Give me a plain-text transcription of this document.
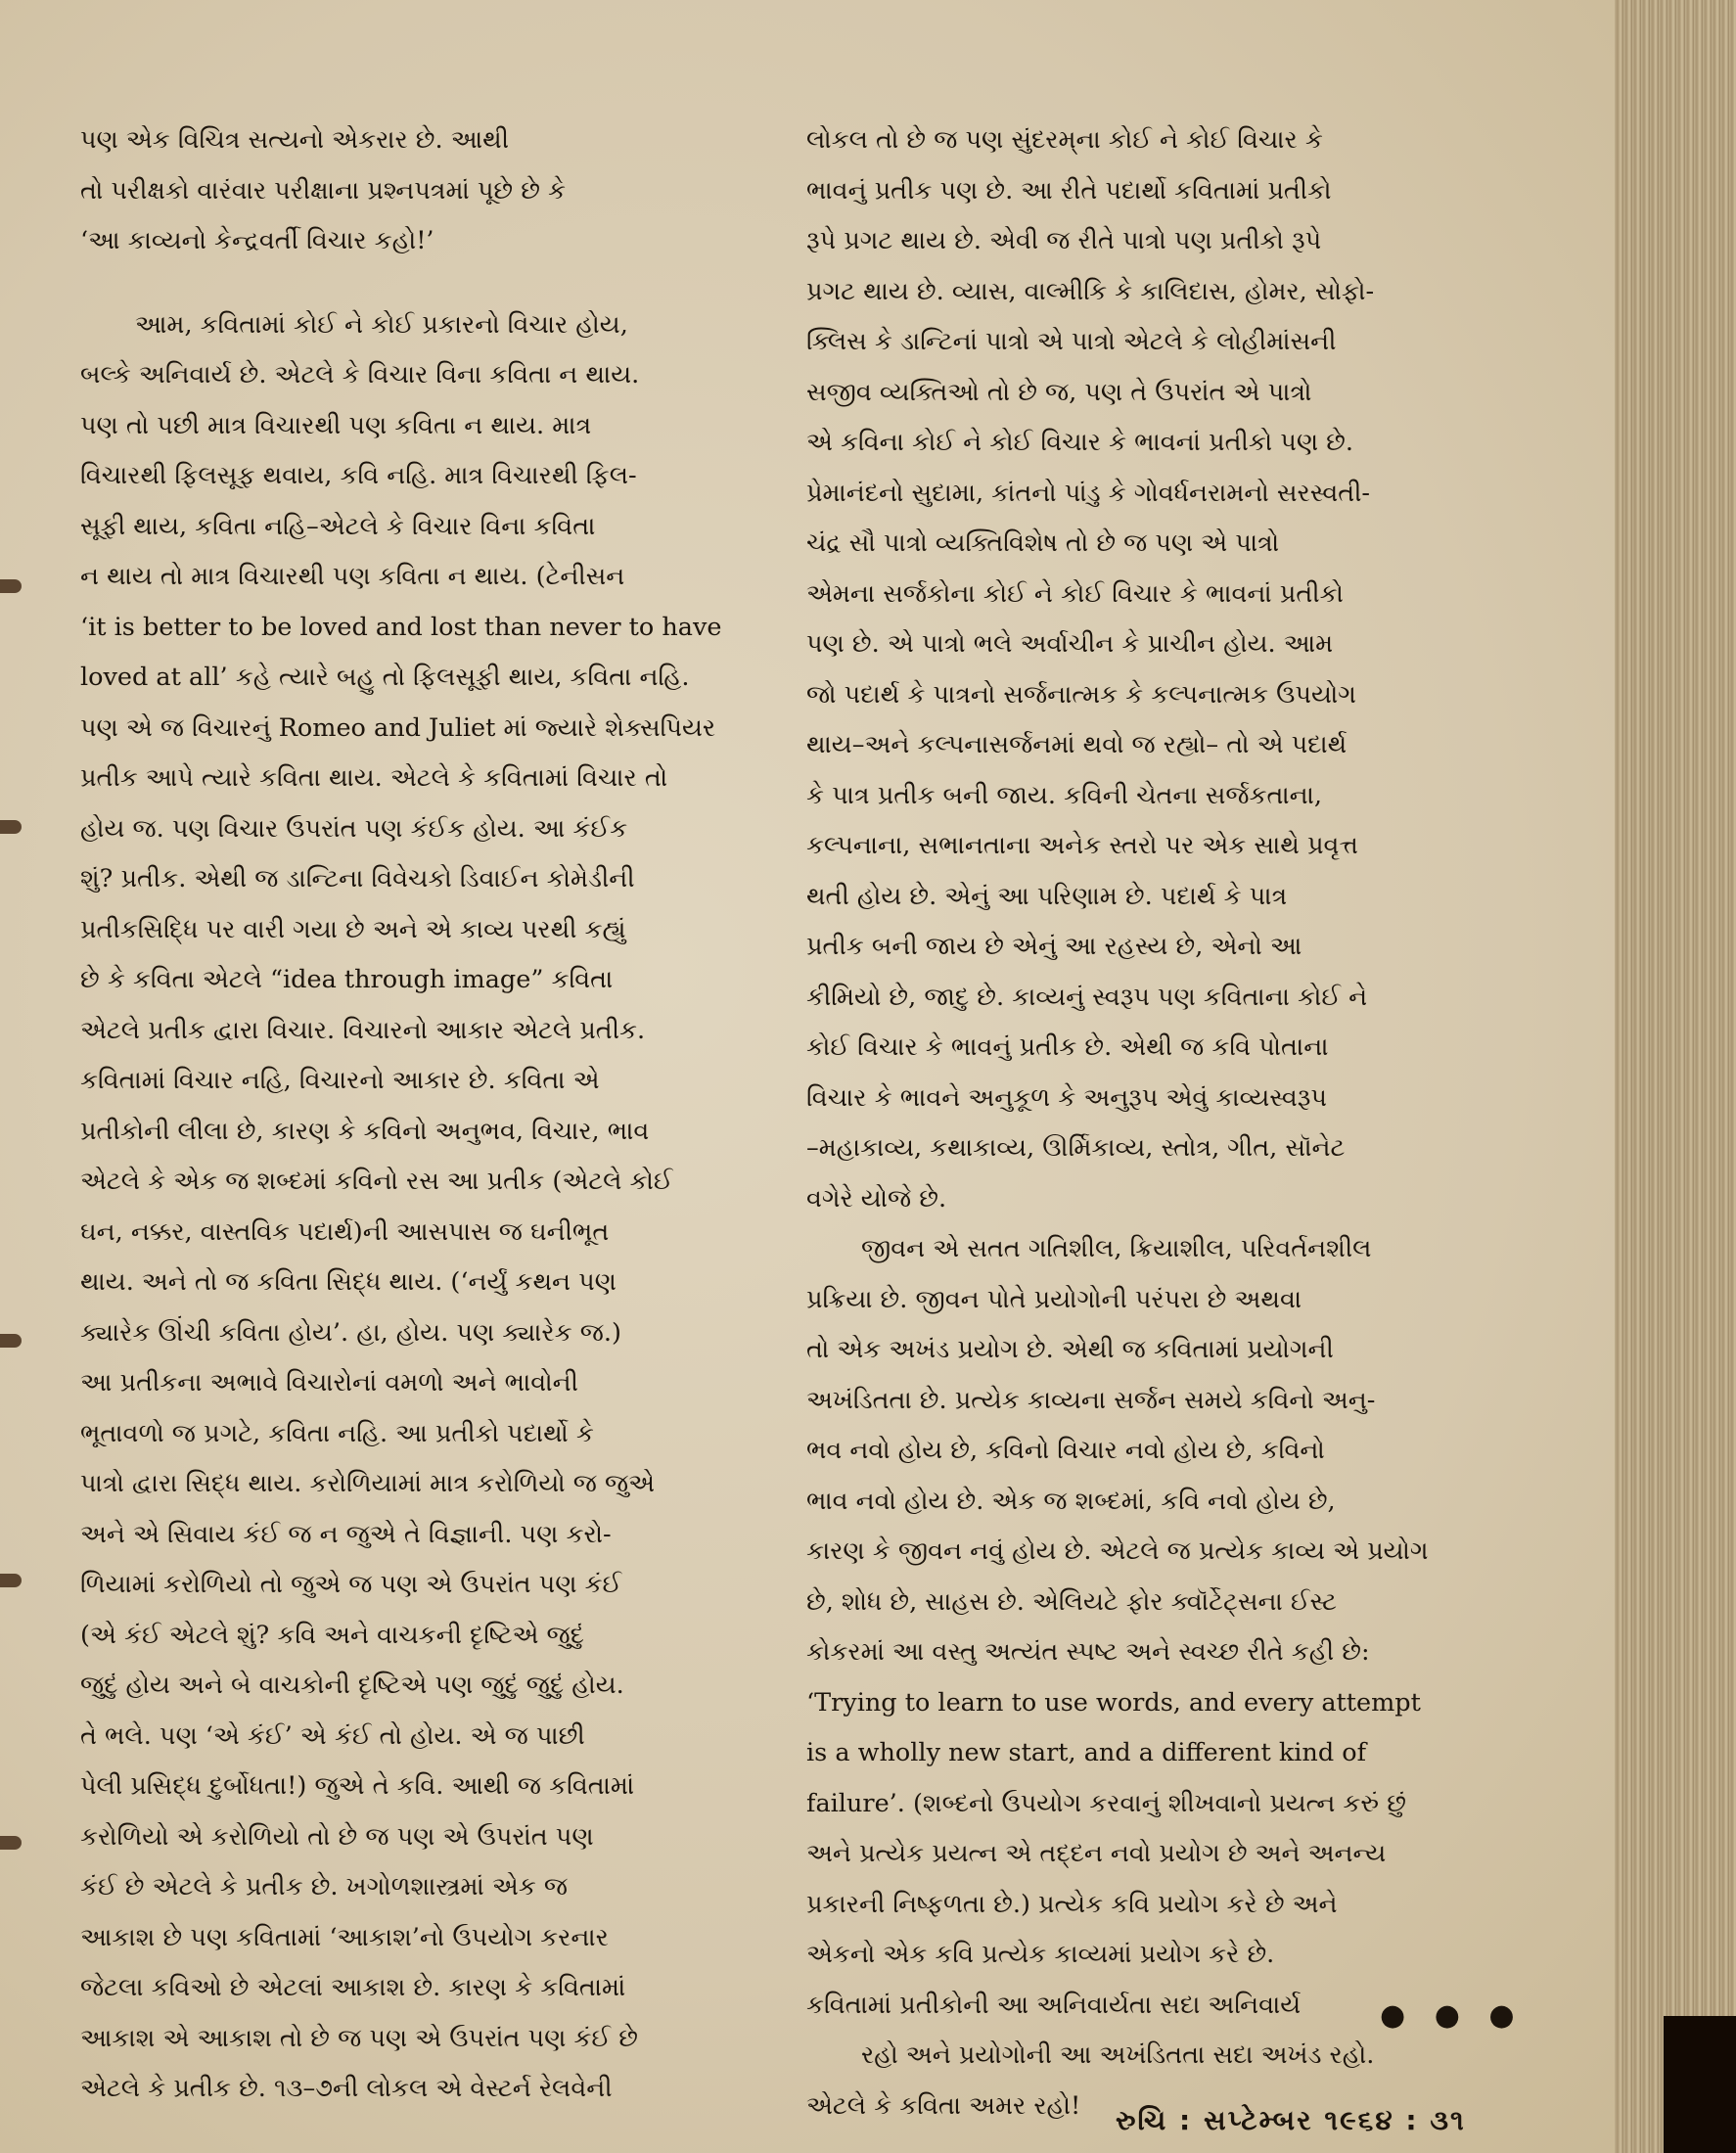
પણ એક વિચિત્ર સત્યનો એકરાર છે. આથી
તો પરીક્ષકો વારંવાર પરીક્ષાના પ્રશ્નપત્રમાં પૂછે છે કે
‘આ કાવ્યનો કેન્દ્રવર્તી વિચાર કહો!’
આમ, કવિતામાં કોઈ ને કોઈ પ્રકારનો વિચાર હોય,
બલ્કે અનિવાર્ય છે. એટલે કે વિચાર વિના કવિતા ન થાય.
પણ તો પછી માત્ર વિચારથી પણ કવિતા ન થાય. માત્ર
વિચારથી ફિલસૂફ થવાય, કવિ નહિ. માત્ર વિચારથી ફિલ-
સૂફી થાય, કવિતા નહિ–એટલે કે વિચાર વિના કવિતા
ન થાય તો માત્ર વિચારથી પણ કવિતા ન થાય. (ટેનીસન
‘it is better to be loved and lost than never to have
loved at all’ કહે ત્યારે બહુ તો ફિલસૂફી થાય, કવિતા નહિ.
પણ એ જ વિચારનું Romeo and Juliet માં જ્યારે શેક્સપિયર
પ્રતીક આપે ત્યારે કવિતા થાય. એટલે કે કવિતામાં વિચાર તો
હોય જ. પણ વિચાર ઉપરાંત પણ કંઈક હોય. આ કંઈક
શું? પ્રતીક. એથી જ ડાન્ટિના વિવેચકો ડિવાઈન કોમેડીની
પ્રતીકસિદ્ધિ પર વારી ગયા છે અને એ કાવ્ય પરથી કહ્યું
છે કે કવિતા એટલે “idea through image” કવિતા
એટલે પ્રતીક દ્વારા વિચાર. વિચારનો આકાર એટલે પ્રતીક.
કવિતામાં વિચાર નહિ, વિચારનો આકાર છે. કવિતા એ
પ્રતીકોની લીલા છે, કારણ કે કવિનો અનુભવ, વિચાર, ભાવ
એટલે કે એક જ શબ્દમાં કવિનો રસ આ પ્રતીક (એટલે કોઈ
ઘન, નક્કર, વાસ્તવિક પદાર્થ)ની આસપાસ જ ઘનીભૂત
થાય. અને તો જ કવિતા સિદ્ધ થાય. (‘નર્યું કથન પણ
ક્યારેક ઊંચી કવિતા હોય’. હા, હોય. પણ ક્યારેક જ.)
આ પ્રતીકના અભાવે વિચારોનાં વમળો અને ભાવોની
ભૂતાવળો જ પ્રગટે, કવિતા નહિ. આ પ્રતીકો પદાર્થો કે
પાત્રો દ્વારા સિદ્ધ થાય. કરોળિયામાં માત્ર કરોળિયો જ જુએ
અને એ સિવાય કંઈ જ ન જુએ તે વિજ્ઞાની. પણ કરો-
ળિયામાં કરોળિયો તો જુએ જ પણ એ ઉપરાંત પણ કંઈ
(એ કંઈ એટલે શું? કવિ અને વાચકની દૃષ્ટિએ જુદું
જુદું હોય અને બે વાચકોની દૃષ્ટિએ પણ જુદું જુદું હોય.
તે ભલે. પણ ‘એ કંઈ’ એ કંઈ તો હોય. એ જ પાછી
પેલી પ્રસિદ્ધ દુર્બોધતા!) જુએ તે કવિ. આથી જ કવિતામાં
કરોળિયો એ કરોળિયો તો છે જ પણ એ ઉપરાંત પણ
કંઈ છે એટલે કે પ્રતીક છે. ખગોળશાસ્ત્રમાં એક જ
આકાશ છે પણ કવિતામાં ‘આકાશ’નો ઉપયોગ કરનાર
જેટલા કવિઓ છે એટલાં આકાશ છે. કારણ કે કવિતામાં
આકાશ એ આકાશ તો છે જ પણ એ ઉપરાંત પણ કંઈ છે
એટલે કે પ્રતીક છે. ૧૩–૭ની લોકલ એ વેસ્ટર્ન રેલવેની
લોકલ તો છે જ પણ સુંદરમ્‌ના કોઈ ને કોઈ વિચાર કે
ભાવનું પ્રતીક પણ છે. આ રીતે પદાર્થો કવિતામાં પ્રતીકો
રૂપે પ્રગટ થાય છે. એવી જ રીતે પાત્રો પણ પ્રતીકો રૂપે
પ્રગટ થાય છે. વ્યાસ, વાલ્મીકિ કે કાલિદાસ, હોમર, સોફો-
ક્લિસ કે ડાન્ટિનાં પાત્રો એ પાત્રો એટલે કે લોહીમાંસની
સજીવ વ્યક્તિઓ તો છે જ, પણ તે ઉપરાંત એ પાત્રો
એ કવિના કોઈ ને કોઈ વિચાર કે ભાવનાં પ્રતીકો પણ છે.
પ્રેમાનંદનો સુદામા, કાંતનો પાંડુ કે ગોવર્ધનરામનો સરસ્વતી-
ચંદ્ર સૌ પાત્રો વ્યક્તિવિશેષ તો છે જ પણ એ પાત્રો
એમના સર્જકોના કોઈ ને કોઈ વિચાર કે ભાવનાં પ્રતીકો
પણ છે. એ પાત્રો ભલે અર્વાચીન કે પ્રાચીન હોય. આમ
જો પદાર્થ કે પાત્રનો સર્જનાત્મક કે કલ્પનાત્મક ઉપયોગ
થાય–અને કલ્પનાસર્જનમાં થવો જ રહ્યો– તો એ પદાર્થ
કે પાત્ર પ્રતીક બની જાય. કવિની ચેતના સર્જકતાના,
કલ્પનાના, સભાનતાના અનેક સ્તરો પર એક સાથે પ્રવૃત્ત
થતી હોય છે. એનું આ પરિણામ છે. પદાર્થ કે પાત્ર
પ્રતીક બની જાય છે એનું આ રહસ્ય છે, એનો આ
કીમિયો છે, જાદુ છે. કાવ્યનું સ્વરૂપ પણ કવિતાના કોઈ ને
કોઈ વિચાર કે ભાવનું પ્રતીક છે. એથી જ કવિ પોતાના
વિચાર કે ભાવને અનુકૂળ કે અનુરૂપ એવું કાવ્યસ્વરૂપ
–મહાકાવ્ય, કથાકાવ્ય, ઊર્મિકાવ્ય, સ્તોત્ર, ગીત, સૉનેટ
વગેરે યોજે છે.
જીવન એ સતત ગતિશીલ, ક્રિયાશીલ, પરિવર્તનશીલ
પ્રક્રિયા છે. જીવન પોતે પ્રયોગોની પરંપરા છે અથવા
તો એક અખંડ પ્રયોગ છે. એથી જ કવિતામાં પ્રયોગની
અખંડિતતા છે. પ્રત્યેક કાવ્યના સર્જન સમયે કવિનો અનુ-
ભવ નવો હોય છે, કવિનો વિચાર નવો હોય છે, કવિનો
ભાવ નવો હોય છે. એક જ શબ્દમાં, કવિ નવો હોય છે,
કારણ કે જીવન નવું હોય છે. એટલે જ પ્રત્યેક કાવ્ય એ પ્રયોગ
છે, શોધ છે, સાહસ છે. એલિયટે ફોર ક્વૉર્ટેટ્સના ઈસ્ટ
કોકરમાં આ વસ્તુ અત્યંત સ્પષ્ટ અને સ્વચ્છ રીતે કહી છે:
‘Trying to learn to use words, and every attempt
is a wholly new start, and a different kind of
failure’. (શબ્દનો ઉપયોગ કરવાનું શીખવાનો પ્રયત્ન કરું છું
અને પ્રત્યેક પ્રયત્ન એ તદ્દન નવો પ્રયોગ છે અને અનન્ય
પ્રકારની નિષ્ફળતા છે.) પ્રત્યેક કવિ પ્રયોગ કરે છે અને
એકનો એક કવિ પ્રત્યેક કાવ્યમાં પ્રયોગ કરે છે.
કવિતામાં પ્રતીકોની આ અનિવાર્યતા સદા અનિવાર્ય
રહો અને પ્રયોગોની આ અખંડિતતા સદા અખંડ રહો.
એટલે કે કવિતા અમર રહો!
● ● ●
રુચિ : સપ્ટેમ્બર ૧૯૬૪ : ૩૧
